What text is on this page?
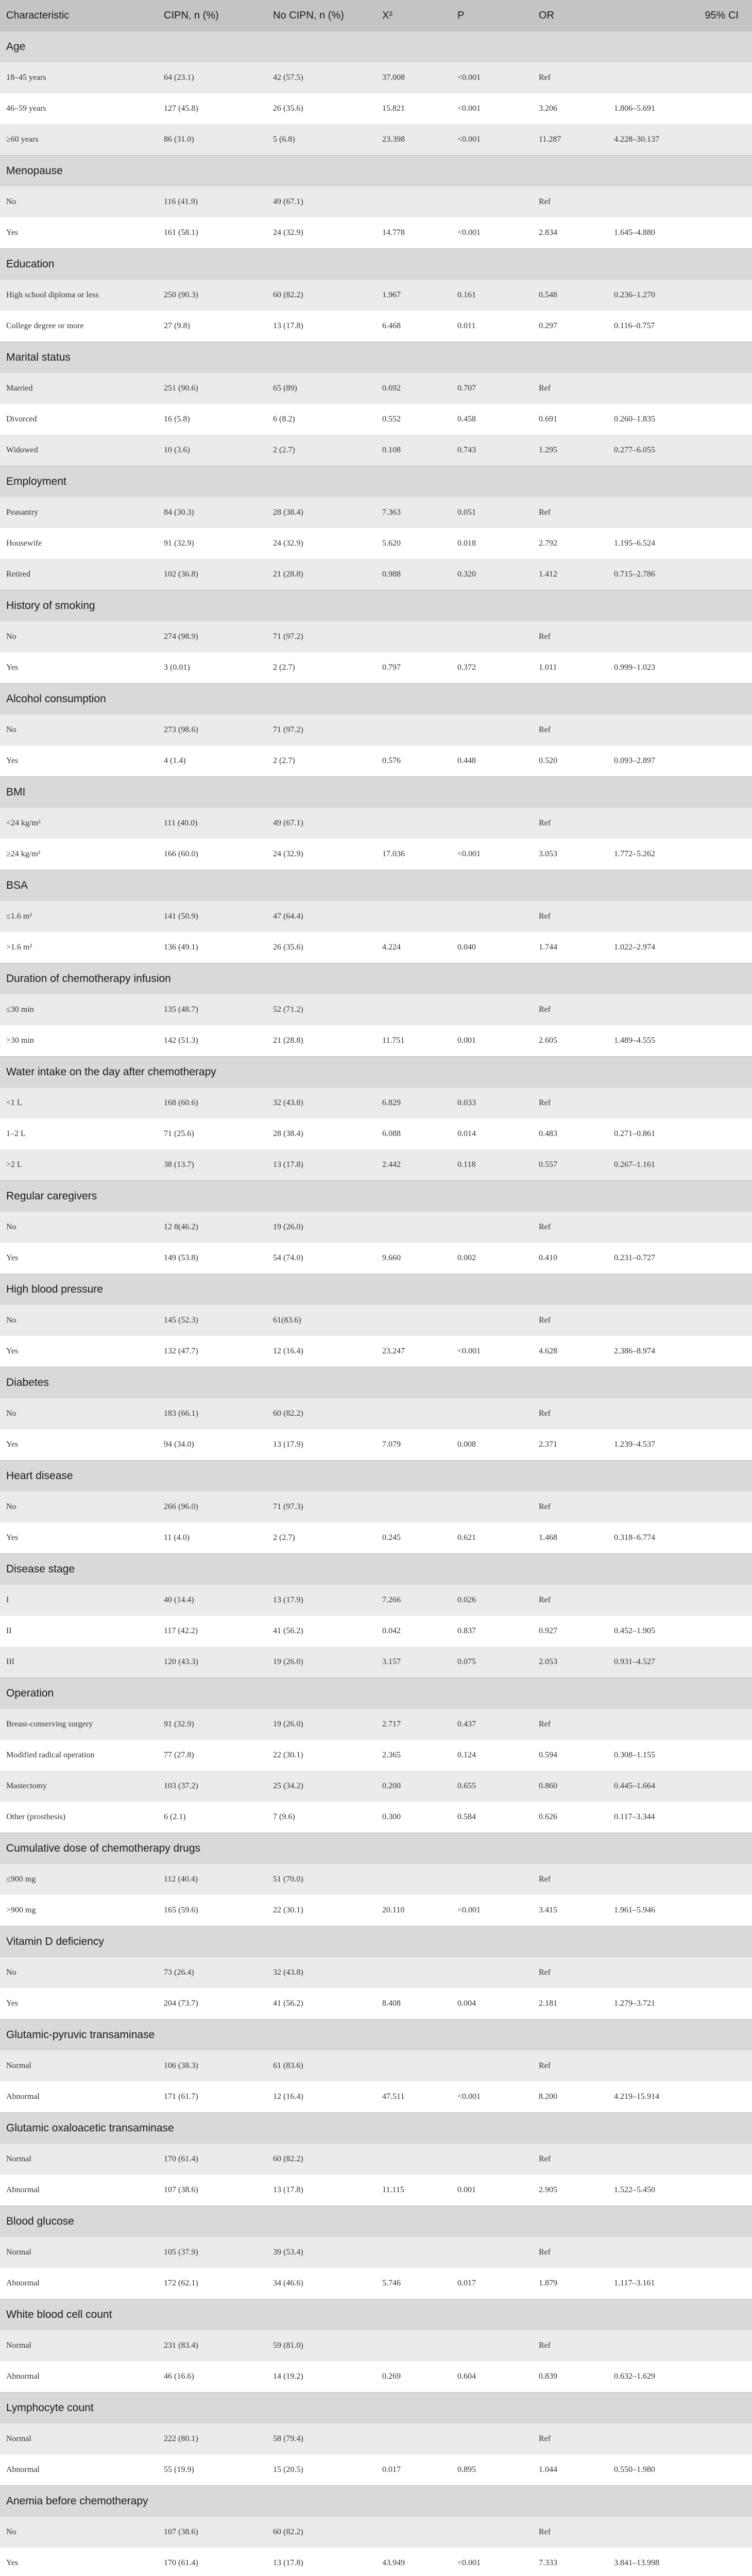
Characteristic	CIPN, n (%)	No CIPN, n (%)	X²	P	OR	95% CI
Age						
18–45 years	64 (23.1)	42 (57.5)	37.008	<0.001	Ref	
46–59 years	127 (45.8)	26 (35.6)	15.821	<0.001	3.206	1.806–5.691
≥60 years	86 (31.0)	5 (6.8)	23.398	<0.001	11.287	4.228–30.137
Menopause						
No	116 (41.9)	49 (67.1)			Ref	
Yes	161 (58.1)	24 (32.9)	14.778	<0.001	2.834	1.645–4.880
Education						
High school diploma or less	250 (90.3)	60 (82.2)	1.967	0.161	0.548	0.236–1.270
College degree or more	27 (9.8)	13 (17.8)	6.468	0.011	0.297	0.116–0.757
Marital status						
Married	251 (90.6)	65 (89)	0.692	0.707	Ref	
Divorced	16 (5.8)	6 (8.2)	0.552	0.458	0.691	0.260–1.835
Widowed	10 (3.6)	2 (2.7)	0.108	0.743	1.295	0.277–6.055
Employment						
Peasantry	84 (30.3)	28 (38.4)	7.363	0.051	Ref	
Housewife	91 (32.9)	24 (32.9)	5.620	0.018	2.792	1.195–6.524
Retired	102 (36.8)	21 (28.8)	0.988	0.320	1.412	0.715–2.786
History of smoking						
No	274 (98.9)	71 (97.2)			Ref	
Yes	3 (0.01)	2 (2.7)	0.797	0.372	1.011	0.999–1.023
Alcohol consumption						
No	273 (98.6)	71 (97.2)			Ref	
Yes	4 (1.4)	2 (2.7)	0.576	0.448	0.520	0.093–2.897
BMI						
<24 kg/m²	111 (40.0)	49 (67.1)			Ref	
≥24 kg/m²	166 (60.0)	24 (32.9)	17.036	<0.001	3.053	1.772–5.262
BSA						
≤1.6 m²	141 (50.9)	47 (64.4)			Ref	
>1.6 m²	136 (49.1)	26 (35.6)	4.224	0.040	1.744	1.022–2.974
Duration of chemotherapy infusion						
≤30 min	135 (48.7)	52 (71.2)			Ref	
>30 min	142 (51.3)	21 (28.8)	11.751	0.001	2.605	1.489–4.555
Water intake on the day after chemotherapy						
<1 L	168 (60.6)	32 (43.8)	6.829	0.033	Ref	
1–2 L	71 (25.6)	28 (38.4)	6.088	0.014	0.483	0.271–0.861
>2 L	38 (13.7)	13 (17.8)	2.442	0.118	0.557	0.267–1.161
Regular caregivers						
No	12 8(46.2)	19 (26.0)			Ref	
Yes	149 (53.8)	54 (74.0)	9.660	0.002	0.410	0.231–0.727
High blood pressure						
No	145 (52.3)	61(83.6)			Ref	
Yes	132 (47.7)	12 (16.4)	23.247	<0.001	4.628	2.386–8.974
Diabetes						
No	183 (66.1)	60 (82.2)			Ref	
Yes	94 (34.0)	13 (17.9)	7.079	0.008	2.371	1.239–4.537
Heart disease						
No	266 (96.0)	71 (97.3)			Ref	
Yes	11 (4.0)	2 (2.7)	0.245	0.621	1.468	0.318–6.774
Disease stage						
I	40 (14.4)	13 (17.9)	7.266	0.026	Ref	
II	117 (42.2)	41 (56.2)	0.042	0.837	0.927	0.452–1.905
III	120 (43.3)	19 (26.0)	3.157	0.075	2.053	0.931–4.527
Operation						
Breast-conserving surgery	91 (32.9)	19 (26.0)	2.717	0.437	Ref	
Modified radical operation	77 (27.8)	22 (30.1)	2.365	0.124	0.594	0.308–1.155
Mastectomy	103 (37.2)	25 (34.2)	0.200	0.655	0.860	0.445–1.664
Other (prosthesis)	6 (2.1)	7 (9.6)	0.300	0.584	0.626	0.117–3.344
Cumulative dose of chemotherapy drugs						
≤900 mg	112 (40.4)	51 (70.0)			Ref	
>900 mg	165 (59.6)	22 (30.1)	20.110	<0.001	3.415	1.961–5.946
Vitamin D deficiency						
No	73 (26.4)	32 (43.8)			Ref	
Yes	204 (73.7)	41 (56.2)	8.408	0.004	2.181	1.279–3.721
Glutamic-pyruvic transaminase						
Normal	106 (38.3)	61 (83.6)			Ref	
Abnormal	171 (61.7)	12 (16.4)	47.511	<0.001	8.200	4.219–15.914
Glutamic oxaloacetic transaminase						
Normal	170 (61.4)	60 (82.2)			Ref	
Abnormal	107 (38.6)	13 (17.8)	11.115	0.001	2.905	1.522–5.450
Blood glucose						
Normal	105 (37.9)	39 (53.4)			Ref	
Abnormal	172 (62.1)	34 (46.6)	5.746	0.017	1.879	1.117–3.161
White blood cell count						
Normal	231 (83.4)	59 (81.0)			Ref	
Abnormal	46 (16.6)	14 (19.2)	0.269	0.604	0.839	0.632–1.629
Lymphocyte count						
Normal	222 (80.1)	58 (79.4)			Ref	
Abnormal	55 (19.9)	15 (20.5)	0.017	0.895	1.044	0.550–1.980
Anemia before chemotherapy						
No	107 (38.6)	60 (82.2)			Ref	
Yes	170 (61.4)	13 (17.8)	43.949	<0.001	7.333	3.841–13.998
